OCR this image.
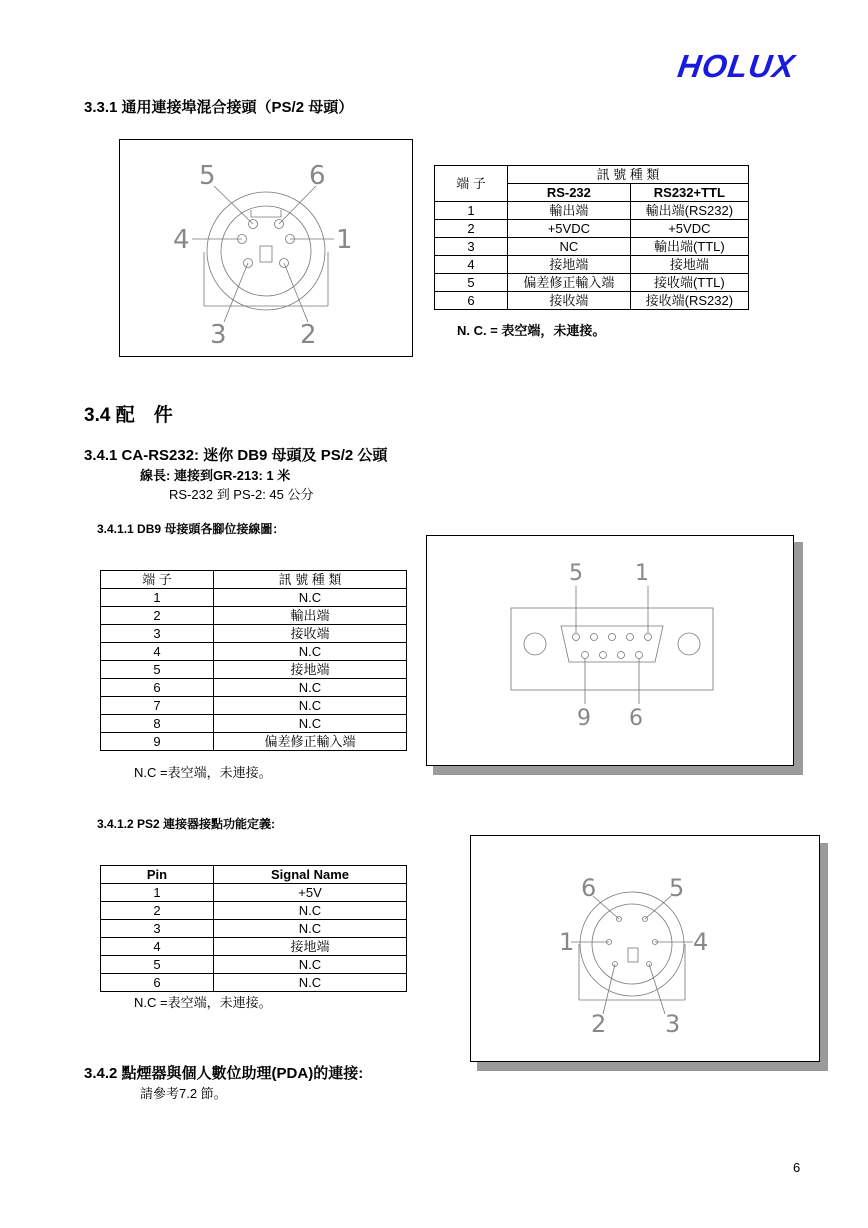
HOLUX
3.3.1 通用連接埠混合接頭（PS/2 母頭）
5	6
4	1
3	2
端 子	訊 號 種 類	
	RS-232	RS232+TTL
1	輸出端	輸出端(RS232)
2	+5VDC	+5VDC
3	NC	輸出端(TTL)
4	接地端	接地端
5	偏差修正輸入端	接收端(TTL)
6	接收端	接收端(RS232)
N. C. = 表空端，未連接。
3.4 配　件
3.4.1 CA-RS232: 迷你 DB9 母頭及 PS/2 公頭
線長: 連接到GR-213: 1 米
RS-232 到 PS-2: 45 公分
3.4.1.1 DB9 母接頭各腳位接線圖：
端 子	訊 號 種 類
1	N.C
2	輸出端
3	接收端
4	N.C
5	接地端
6	N.C
7	N.C
8	N.C
9	偏差修正輸入端
N.C =表空端，未連接。
5 1
9 6
3.4.1.2 PS2 連接器接點功能定義:
Pin	Signal Name
1	+5V
2	N.C
3	N.C
4	接地端
5	N.C
6	N.C
N.C =表空端，未連接。
6	5
1	4
2 3
3.4.2 點煙器與個人數位助理(PDA)的連接:
請參考7.2 節。
6
